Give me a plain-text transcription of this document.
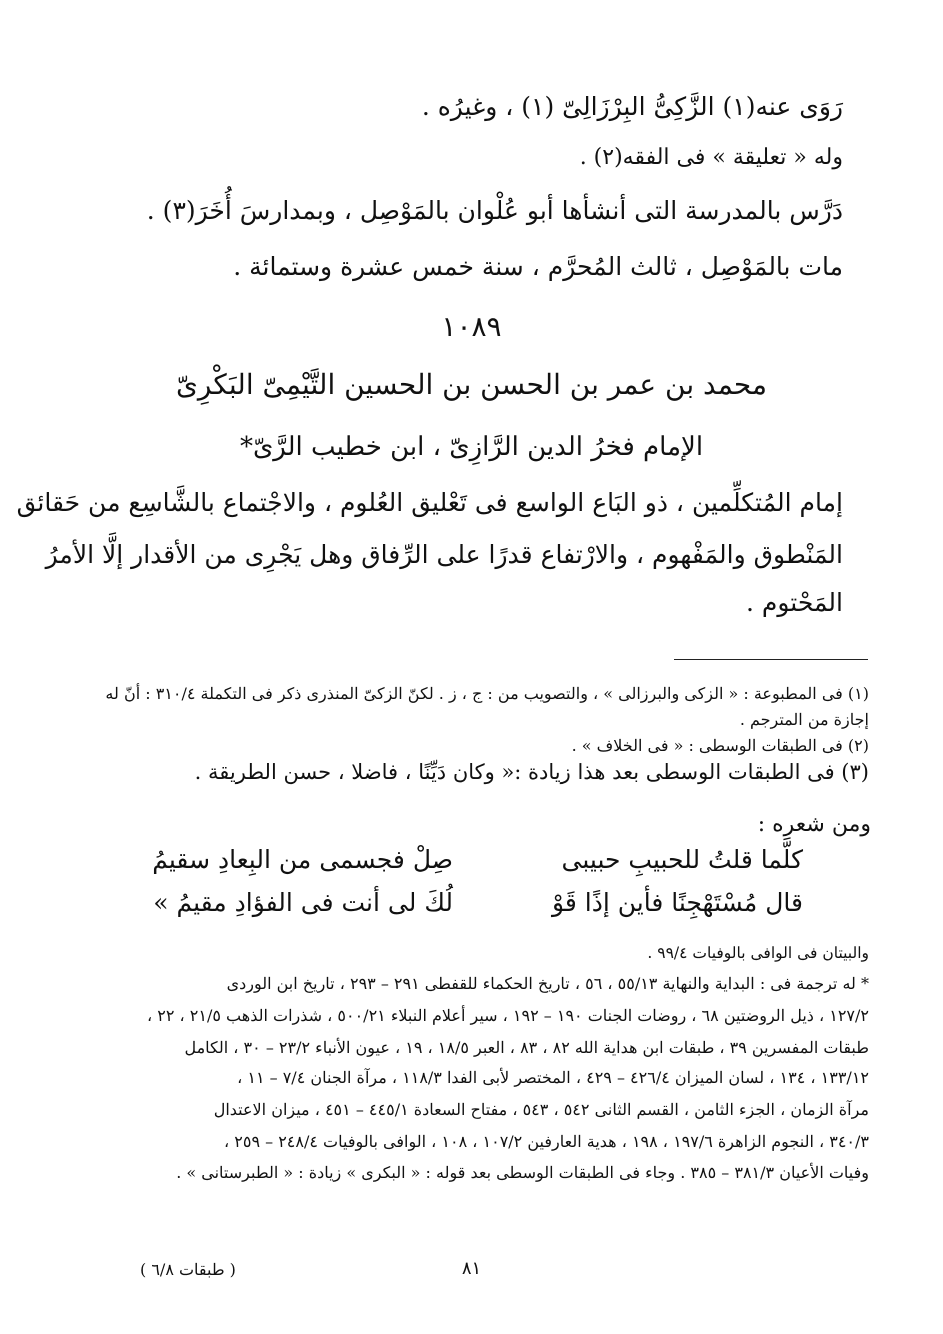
رَوَى عنه(١) الزَّكِىُّ البِرْزَالِىّ (١) ، وغيرُه .
وله « تعليقة » فى الفقه(٢) .
دَرَّس بالمدرسة التى أنشأها أبو عُلْوان بالمَوْصِل ، وبمدارسَ أُخَرَ(٣) .
مات بالمَوْصِل ، ثالث المُحرَّم ، سنة خمس عشرة وستمائة .
١٠٨٩
محمد بن عمر بن الحسن بن الحسين التَّيْمِىّ البَكْرِىّ
الإمام فخرُ الدين الرَّازِىّ ، ابن خطيب الرَّىّ*
إمام المُتكلِّمين ، ذو البَاع الواسع فى تَعْليق العُلوم ، والاجْتماع بالشَّاسِع من حَقائق
المَنْطوق والمَفْهوم ، والارْتفاع قدرًا على الرِّفاق وهل يَجْرِى من الأقدار إلَّا الأمرُ
المَحْتوم .
(١) فى المطبوعة : « الزكى والبرزالى » ، والتصويب من : ج ، ز . لكنّ الزكىّ المنذرى ذكر فى التكملة ٣١٠/٤ : أنّ له
إجازة من المترجم .
(٢) فى الطبقات الوسطى : « فى الخلاف » .
(٣) فى الطبقات الوسطى بعد هذا زيادة :« وكان دَيِّنًا ، فاضلا ، حسن الطريقة .
ومن شعره :
كلَّما قلتُ للحبيبِ حبيبى
صِلْ فجسمى من البِعادِ سقيمُ
قال مُسْتَهْجِنًا فأين إذًا قَوْ
لُكَ لى أنت فى الفؤادِ مقيمُ »
والبيتان فى الوافى بالوفيات ٩٩/٤ .
* له ترجمة فى : البداية والنهاية ٥٥/١٣ ، ٥٦ ، تاريخ الحكماء للقفطى ٢٩١ – ٢٩٣ ، تاريخ ابن الوردى
١٢٧/٢ ، ذيل الروضتين ٦٨ ، روضات الجنات ١٩٠ – ١٩٢ ، سير أعلام النبلاء ٥٠٠/٢١ ، شذرات الذهب ٢١/٥ ، ٢٢ ،
طبقات المفسرين ٣٩ ، طبقات ابن هداية الله ٨٢ ، ٨٣ ، العبر ١٨/٥ ، ١٩ ، عيون الأنباء ٢٣/٢ – ٣٠ ، الكامل
١٣٣/١٢ ، ١٣٤ ، لسان الميزان ٤٢٦/٤ – ٤٢٩ ، المختصر لأبى الفدا ١١٨/٣ ، مرآة الجنان ٧/٤ – ١١ ،
مرآة الزمان ، الجزء الثامن ، القسم الثانى ٥٤٢ ، ٥٤٣ ، مفتاح السعادة ٤٤٥/١ – ٤٥١ ، ميزان الاعتدال
٣٤٠/٣ ، النجوم الزاهرة ١٩٧/٦ ، ١٩٨ ، هدية العارفين ١٠٧/٢ ، ١٠٨ ، الوافى بالوفيات ٢٤٨/٤ – ٢٥٩ ،
وفيات الأعيان ٣٨١/٣ – ٣٨٥ . وجاء فى الطبقات الوسطى بعد قوله : « البكرى » زيادة : « الطبرستانى » .
٨١
( طبقات ٦/٨ )
